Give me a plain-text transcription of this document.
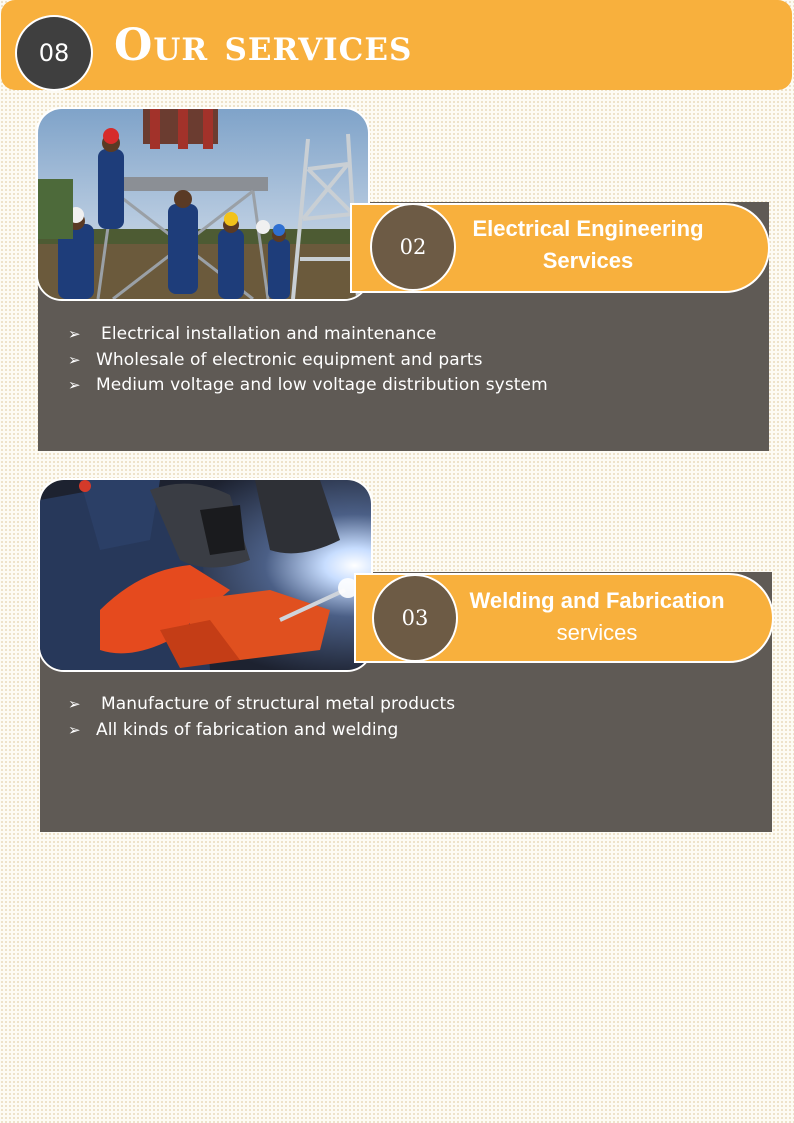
08	Our services
Electrical Engineering
Services
02
➢ Electrical installation and maintenance
➢ Wholesale of electronic equipment and parts
➢ Medium voltage and low voltage distribution system
Welding and Fabrication
services
03
➢ Manufacture of structural metal products
➢ All kinds of fabrication and welding
